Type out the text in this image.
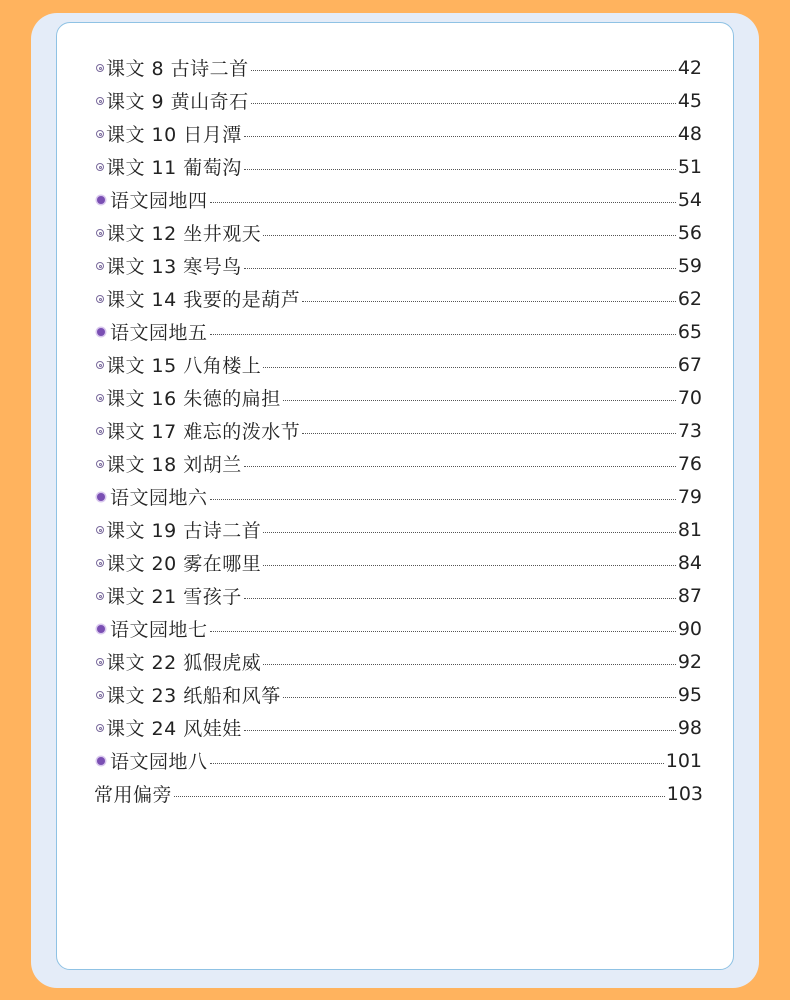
课文 8 古诗二首	42
课文 9 黄山奇石	45
课文 10 日月潭	48
课文 11 葡萄沟	51
语文园地四	54
课文 12 坐井观天	56
课文 13 寒号鸟	59
课文 14 我要的是葫芦	62
语文园地五	65
课文 15 八角楼上	67
课文 16 朱德的扁担	70
课文 17 难忘的泼水节	73
课文 18 刘胡兰	76
语文园地六	79
课文 19 古诗二首	81
课文 20 雾在哪里	84
课文 21 雪孩子	87
语文园地七	90
课文 22 狐假虎威	92
课文 23 纸船和风筝	95
课文 24 风娃娃	98
语文园地八	101
常用偏旁	103
